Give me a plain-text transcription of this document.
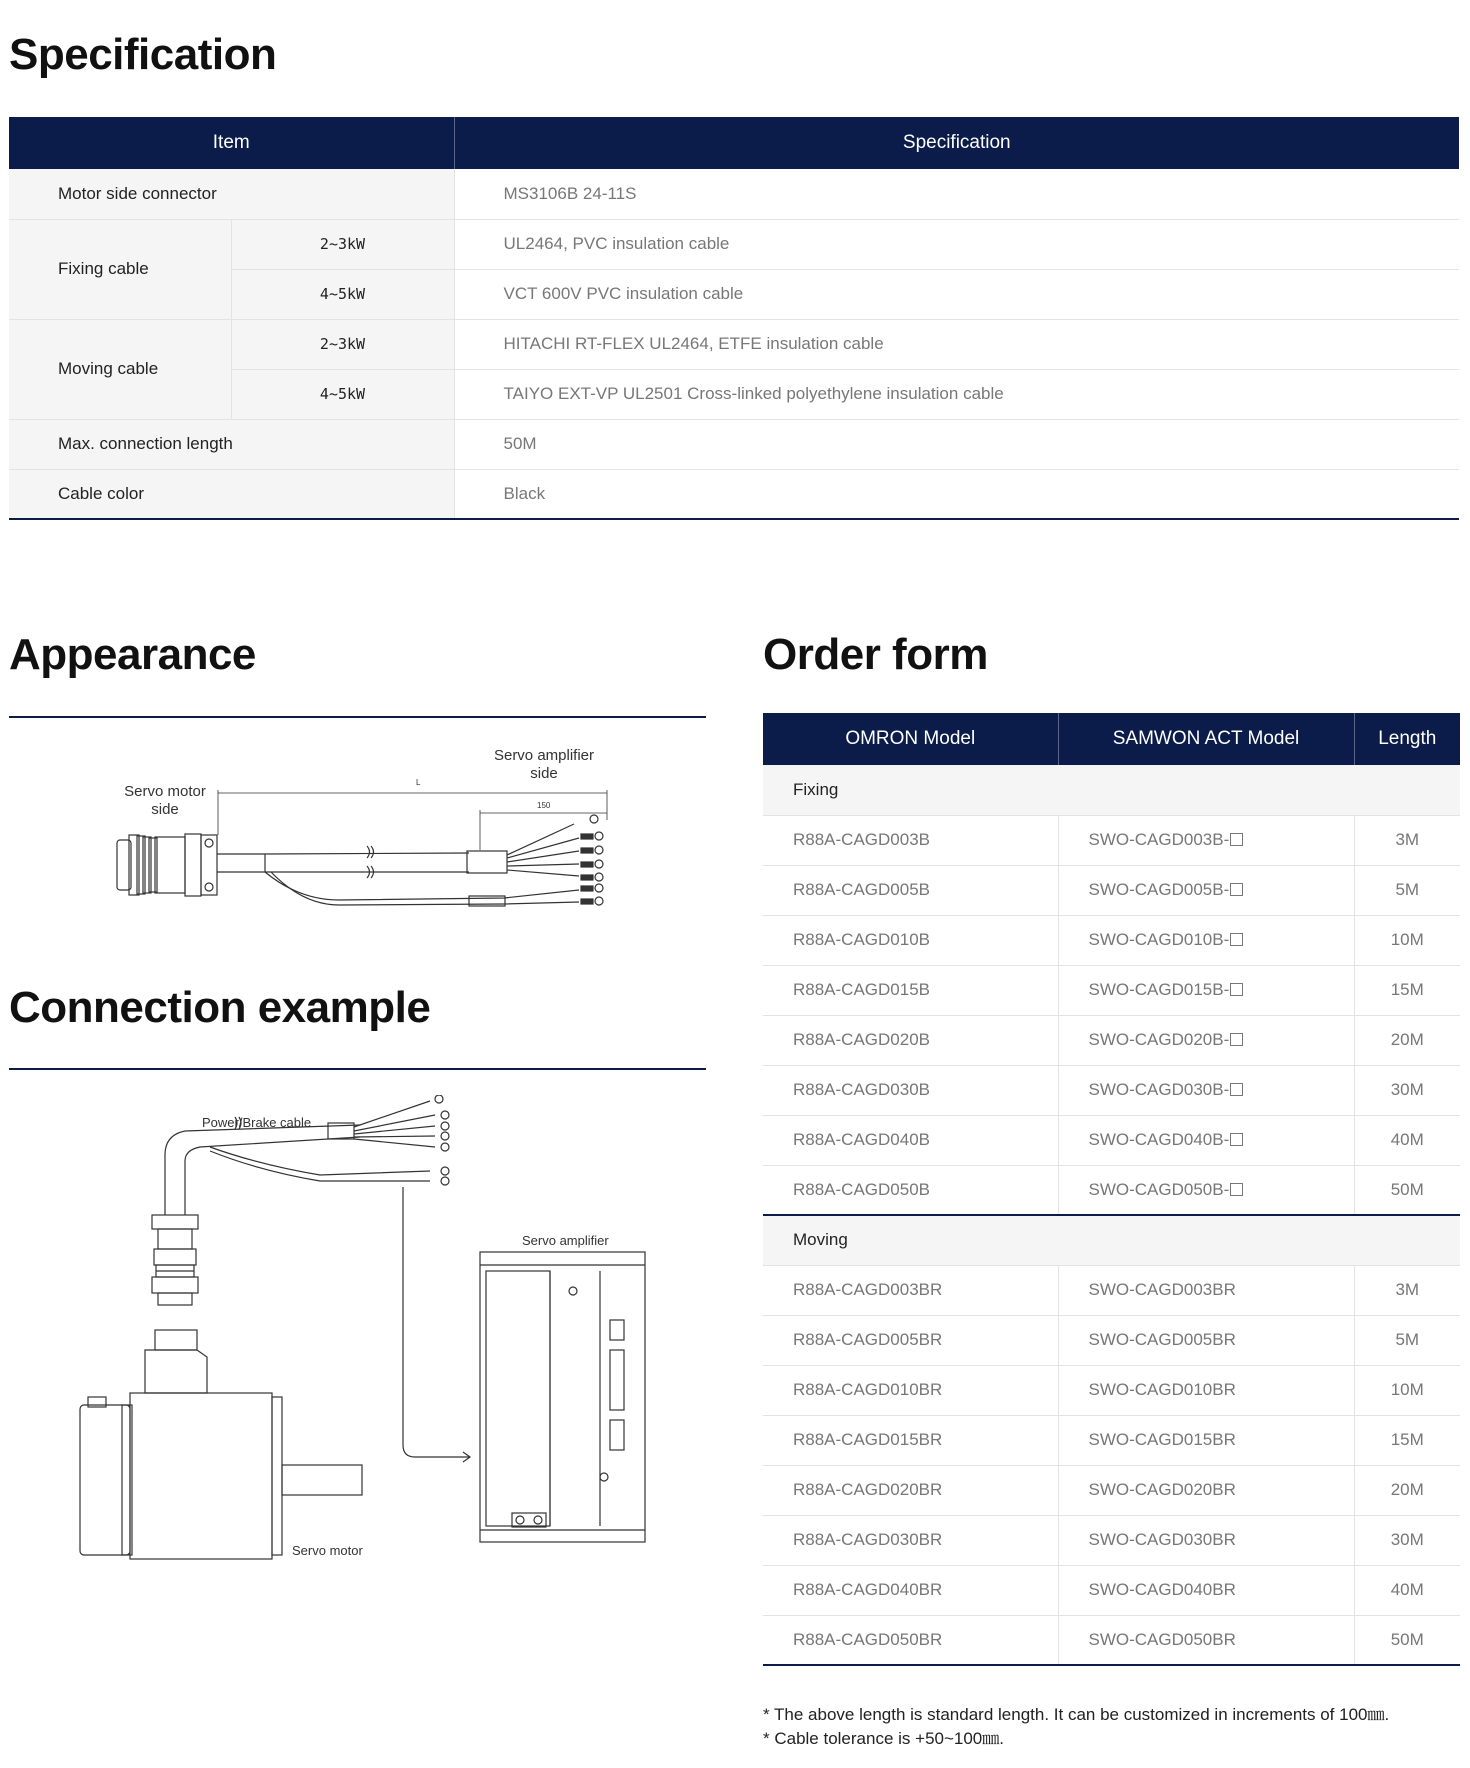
Specification
Item		Specification
Motor side connector		MS3106B 24-11S
Fixing cable	2~3kW	UL2464, PVC insulation cable
	4~5kW	VCT 600V PVC insulation cable
Moving cable	2~3kW	HITACHI RT-FLEX UL2464, ETFE insulation cable
	4~5kW	TAIYO EXT-VP UL2501 Cross-linked polyethylene insulation cable
Max. connection length		50M
Cable color		Black
Appearance
L
150
Servo motor
side
Servo amplifier
side
Connection example
Power/Brake cable
Servo amplifier
Servo motor
Order form
OMRON Model	SAMWON ACT Model	Length
Fixing		
R88A-CAGD003B	SWO-CAGD003B-	3M
R88A-CAGD005B	SWO-CAGD005B-	5M
R88A-CAGD010B	SWO-CAGD010B-	10M
R88A-CAGD015B	SWO-CAGD015B-	15M
R88A-CAGD020B	SWO-CAGD020B-	20M
R88A-CAGD030B	SWO-CAGD030B-	30M
R88A-CAGD040B	SWO-CAGD040B-	40M
R88A-CAGD050B	SWO-CAGD050B-	50M
Moving		
R88A-CAGD003BR	SWO-CAGD003BR	3M
R88A-CAGD005BR	SWO-CAGD005BR	5M
R88A-CAGD010BR	SWO-CAGD010BR	10M
R88A-CAGD015BR	SWO-CAGD015BR	15M
R88A-CAGD020BR	SWO-CAGD020BR	20M
R88A-CAGD030BR	SWO-CAGD030BR	30M
R88A-CAGD040BR	SWO-CAGD040BR	40M
R88A-CAGD050BR	SWO-CAGD050BR	50M
* The above length is standard length. It can be customized in increments of 100㎜.
* Cable tolerance is +50~100㎜.
